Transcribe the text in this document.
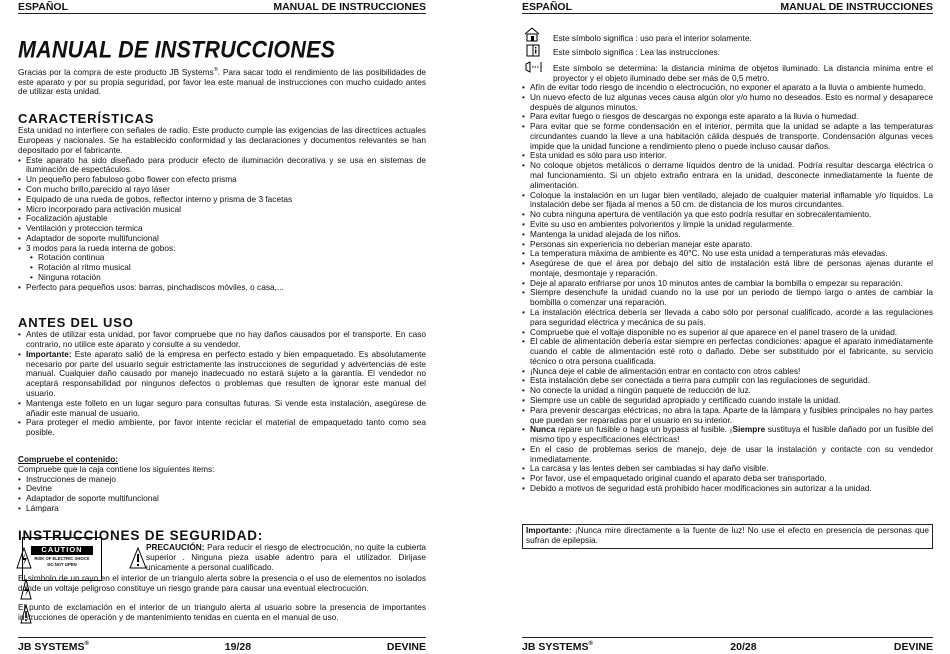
ESPAÑOL	MANUAL DE INSTRUCCIONES
MANUAL DE INSTRUCCIONES

Gracias por la compra de este producto JB Systems®. Para sacar todo el rendimiento de las posibilidades de este aparato y por su propia seguridad, por favor lea este manual de instrucciones con mucho cuidado antes de utilizar esta unidad.

CARACTERÍSTICAS

Esta unidad no interfiere con señales de radio. Este producto cumple las exigencias de las directrices actuales Europeas y nacionales. Se ha establecido conformidad y las declaraciones y documentos relevantes se han depositado por el fabricante.

• Este aparato ha sido diseñado para producir efecto de iluminación decorativa y se usa en sistemas de iluminación de espectáculos.
• Un pequeño pero fabuloso gobo flower con efecto prisma
• Con mucho brillo,parecido al rayo láser
• Equipado de una rueda de gobos, reflector interno y prisma de 3 facetas
• Micro incorporado para activación musical
• Focalización ajustable
• Ventilación y proteccion termica
• Adaptador de soporte multifuncional
• 3 modos para la rueda interna de gobos:
• Rotación continua
• Rotación al ritmo musical
• Ninguna rotación
• Perfecto para pequeños usos: barras, pinchadiscos móviles, o casa,...
ANTES DEL USO
• Antes de utilizar esta unidad, por favor compruebe que no hay daños causados por el transporte. En caso contrario, no utilice este aparato y consulte a su vendedor.
• Importante: Este aparato salió de la empresa en perfecto estado y bien empaquetado. Es absolutamente necesario por parte del usuario seguir estrictamente las instrucciones de seguridad y advertencias de este manual. Cualquier daño causado por manejo inadecuado no estará sujeto a la garantía. El vendedor no aceptará responsabilidad por ningunos defectos o problemas que resulten de ignorar este manual del usuario.
• Mantenga este folleto en un lugar seguro para consultas futuras. Si vende esta instalación, asegúrese de añadir este manual de usuario.
• Para proteger el medio ambiente, por favor intente reciclar el material de empaquetado tanto como sea posible.
Compruebe el contenido:

Compruebe que la caja contiene los siguientes items:

• Instrucciones de manejo
• Devine
• Adaptador de soporte multifuncional
• Lámpara
INSTRUCCIONES DE SEGURIDAD:
CAUTION
RISK OF ELECTRIC SHOCK
DO NOT OPEN

PRECAUCIÓN: Para reducir el riesgo de electrocución, no quite la cubierta superior . Ninguna pieza usable adentro para el utilizador. Dirijase unicamente a personal cualificado.

El simbolo de un rayo en el interior de un triangulo alerta sobre la presencia o el uso de elementos no isolados donde un voltaje peligroso constituye un riesgo grande para causar una eventual electrocución.

El punto de exclamación en el interior de un triangulo alerta al usuario sobre la presencia de importantes instrucciones de operación y de mantenimiento tenidas en cuenta en el manual de uso.

JB SYSTEMS®	19/28	DEVINE
ESPAÑOL	MANUAL DE INSTRUCCIONES

Este símbolo significa : uso para el interior solamente.

Este símbolo significa : Lea las instrucciones.

Este símbolo se determina: la distancia mínima de objetos iluminado. La distancia mínima entre el proyector y el objeto iluminado debe ser más de 0,5 metro.

• Afín de evitar todo riesgo de incendio o electrocución, no exponer el aparato a la lluvia o ambiente humedo.
• Un nuevo efecto de luz algunas veces causa algún olor y/o humo no deseados. Esto es normal y desaparece después de algunos minutos.
• Para evitar fuego o riesgos de descargas no exponga este aparato a la lluvia o humedad.
• Para evitar que se forme condensación en el interior, permita que la unidad se adapte a las temperaturas circundantes cuando la lleve a una habitación cálida después de transporte. Condensación algunas veces impide que la unidad funcione a rendimiento pleno o puede incluso causar daños.
• Esta unidad es sólo para uso interior.
• No coloque objetos metálicos o derrame líquidos dentro de la unidad. Podría resultar descarga eléctrica o mal funcionamiento. Si un objeto extraño entrara en la unidad, desconecte inmediatamente la fuente de alimentación.
• Coloque la instalación en un lugar bien ventilado, alejado de cualquier material inflamable y/o líquidos. La instalación debe ser fijada al menos a 50 cm. de distancia de los muros circundantes.
• No cubra ninguna apertura de ventilación ya que esto podría resultar en sobrecalentamiento.
• Evite su uso en ambientes polvorientos y limpie la unidad regularmente.
• Mantenga la unidad alejada de los niños.
• Personas sin experiencia no deberían manejar este aparato.
• La temperatura máxima de ambiente es 40°C. No use esta unidad a temperaturas más elevadas.
• Asegúrese de que el área por debajo del sitio de instalación está libre de personas ajenas durante el montaje, desmontaje y reparación.
• Deje al aparato enfriarse por unos 10 minutos antes de cambiar la bombilla o empezar su reparación.
• Siempre desenchufe la unidad cuando no la use por un periodo de tiempo largo o antes de cambiar la bombilla o comenzar una reparación.
• La instalación eléctrica debería ser llevada a cabo sólo por personal cualificado, acorde a las regulaciones para seguridad eléctrica y mecánica de su país.
• Compruebe que el voltaje disponible no es superior al que aparece en el panel trasero de la unidad.
• El cable de alimentación debería estar siempre en perfectas condiciones: apague el aparato inmediatamente cuando el cable de alimentación esté roto o dañado. Debe ser substituido por el fabricante, su servicio técnico o otra persona cualificada.
• ¡Nunca deje el cable de alimentación entrar en contacto con otros cables!
• Esta instalación debe ser conectada a tierra para cumplir con las regulaciones de seguridad.
• No conecte la unidad a ningún paquete de reducción de luz.
• Siempre use un cable de seguridad apropiado y certificado cuando instale la unidad.
• Para prevenir descargas eléctricas, no abra la tapa. Aparte de la lámpara y fusibles principales no hay partes que puedan ser reparadas por el usuario en su interior.
• Nunca repare un fusible o haga un bypass al fusible. ¡Siempre sustituya el fusible dañado por un fusible del mismo tipo y especificaciones eléctricas!
• En el caso de problemas serios de manejo, deje de usar la instalación y contacte con su vendedor inmediatamente.
• La carcasa y las lentes deben ser cambiadas si hay daño visible.
• Por favor, use el empaquetado original cuando el aparato deba ser transportado.
• Debido a motivos de seguridad está prohibido hacer modificaciones sin autorizar a la unidad.

Importante: ¡Nunca mire directamente a la fuente de luz! No use el efecto en presencia de personas que sufran de epilepsia.

JB SYSTEMS®	20/28	DEVINE
